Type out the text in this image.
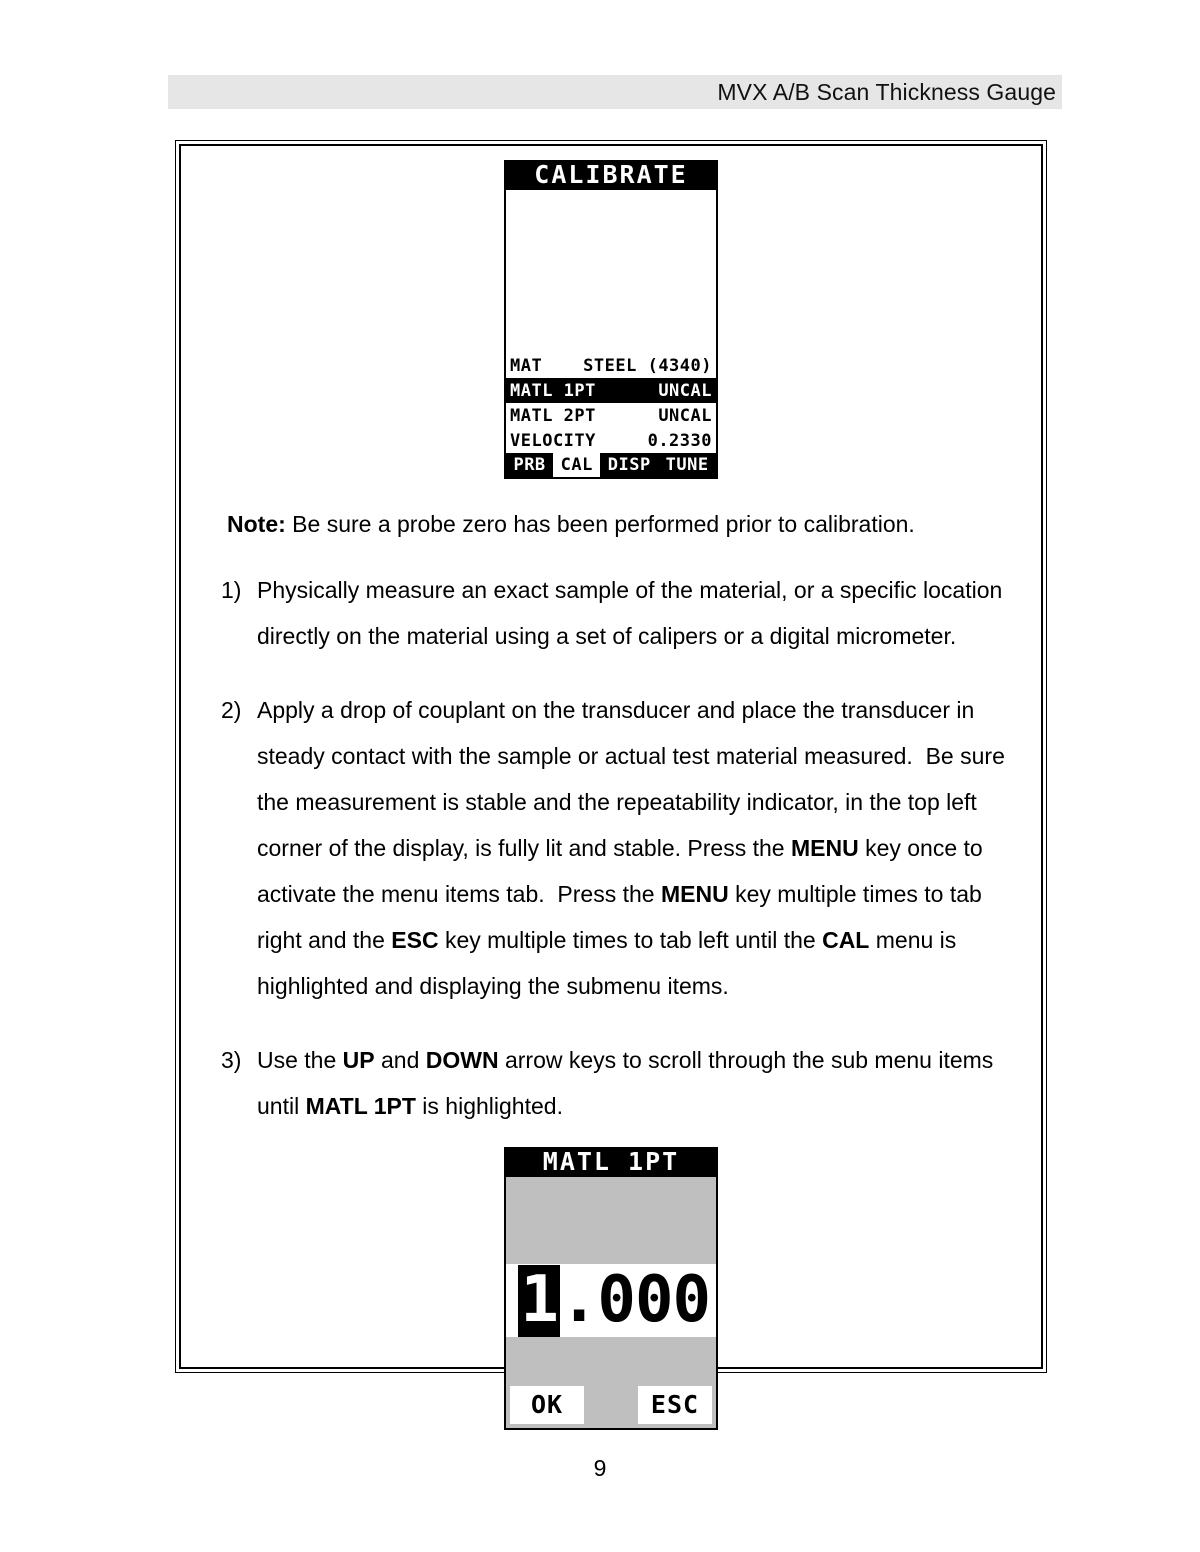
MVX A/B Scan Thickness Gauge
CALIBRATE
MAT STEEL (4340)
MATL 1PT	UNCAL
MATL 2PT	UNCAL
VELOCITY	0.2330
PRB CAL DISP TUNE

Note: Be sure a probe zero has been performed prior to calibration.

1) Physically measure an exact sample of the material, or a specific location directly on the material using a set of calipers or a digital micrometer.
2) Apply a drop of couplant on the transducer and place the transducer in steady contact with the sample or actual test material measured.  Be sure the measurement is stable and the repeatability indicator, in the top left corner of the display, is fully lit and stable. Press the MENU key once to activate the menu items tab.  Press the MENU key multiple times to tab right and the ESC key multiple times to tab left until the CAL menu is highlighted and displaying the submenu items.
3) Use the UP and DOWN arrow keys to scroll through the sub menu items until MATL 1PT is highlighted.
MATL 1PT
1 .000
OK	ESC
9
